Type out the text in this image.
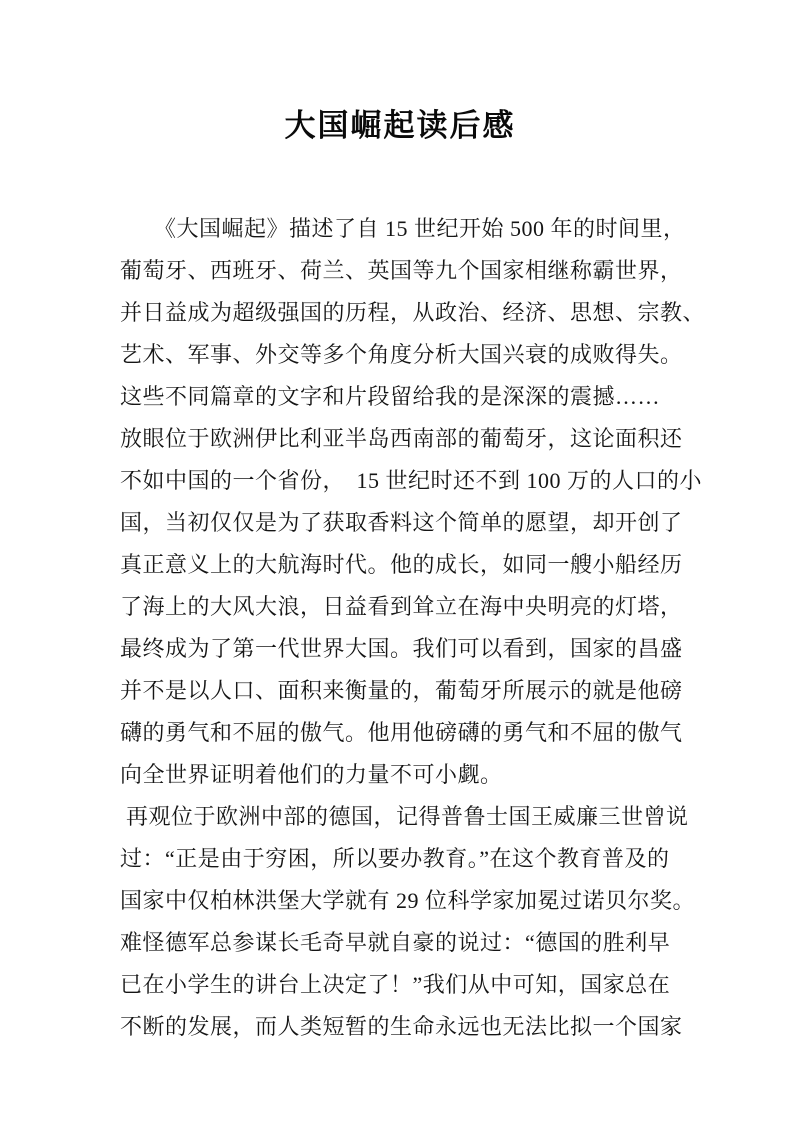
大国崛起读后感
　　《大国崛起》描述了自 15 世纪开始 500 年的时间里，
葡萄牙、西班牙、荷兰、英国等九个国家相继称霸世界，
并日益成为超级强国的历程，从政治、经济、思想、宗教、
艺术、军事、外交等多个角度分析大国兴衰的成败得失。
这些不同篇章的文字和片段留给我的是深深的震撼……
放眼位于欧洲伊比利亚半岛西南部的葡萄牙，这论面积还
不如中国的一个省份，　15 世纪时还不到 100 万的人口的小
国，当初仅仅是为了获取香料这个简单的愿望，却开创了
真正意义上的大航海时代。他的成长，如同一艘小船经历
了海上的大风大浪，日益看到耸立在海中央明亮的灯塔，
最终成为了第一代世界大国。我们可以看到，国家的昌盛
并不是以人口、面积来衡量的，葡萄牙所展示的就是他磅
礴的勇气和不屈的傲气。他用他磅礴的勇气和不屈的傲气
向全世界证明着他们的力量不可小觑。
再观位于欧洲中部的德国，记得普鲁士国王威廉三世曾说
过：“正是由于穷困，所以要办教育。”在这个教育普及的
国家中仅柏林洪堡大学就有 29 位科学家加冕过诺贝尔奖。
难怪德军总参谋长毛奇早就自豪的说过：“德国的胜利早
已在小学生的讲台上决定了！”我们从中可知，国家总在
不断的发展，而人类短暂的生命永远也无法比拟一个国家
